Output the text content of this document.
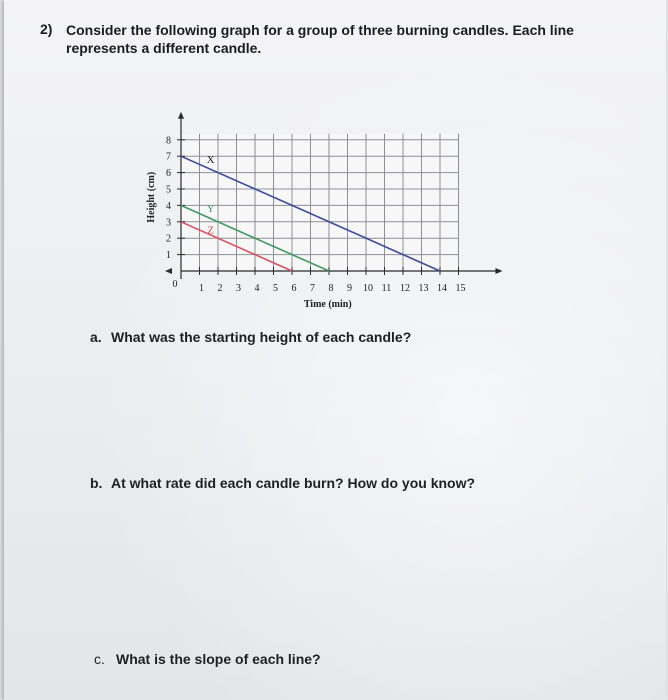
2) Consider the following graph for a group of three burning candles. Each line represents a different candle.
1 2 3 4 5 6 7 8 9 10 11 12 13 14 15
1
2
3
4
5
6
7
8
0
Time (min)
Height (cm)
X
Y
Z
a. What was the starting height of each candle?
b. At what rate did each candle burn? How do you know?
c. What is the slope of each line?
